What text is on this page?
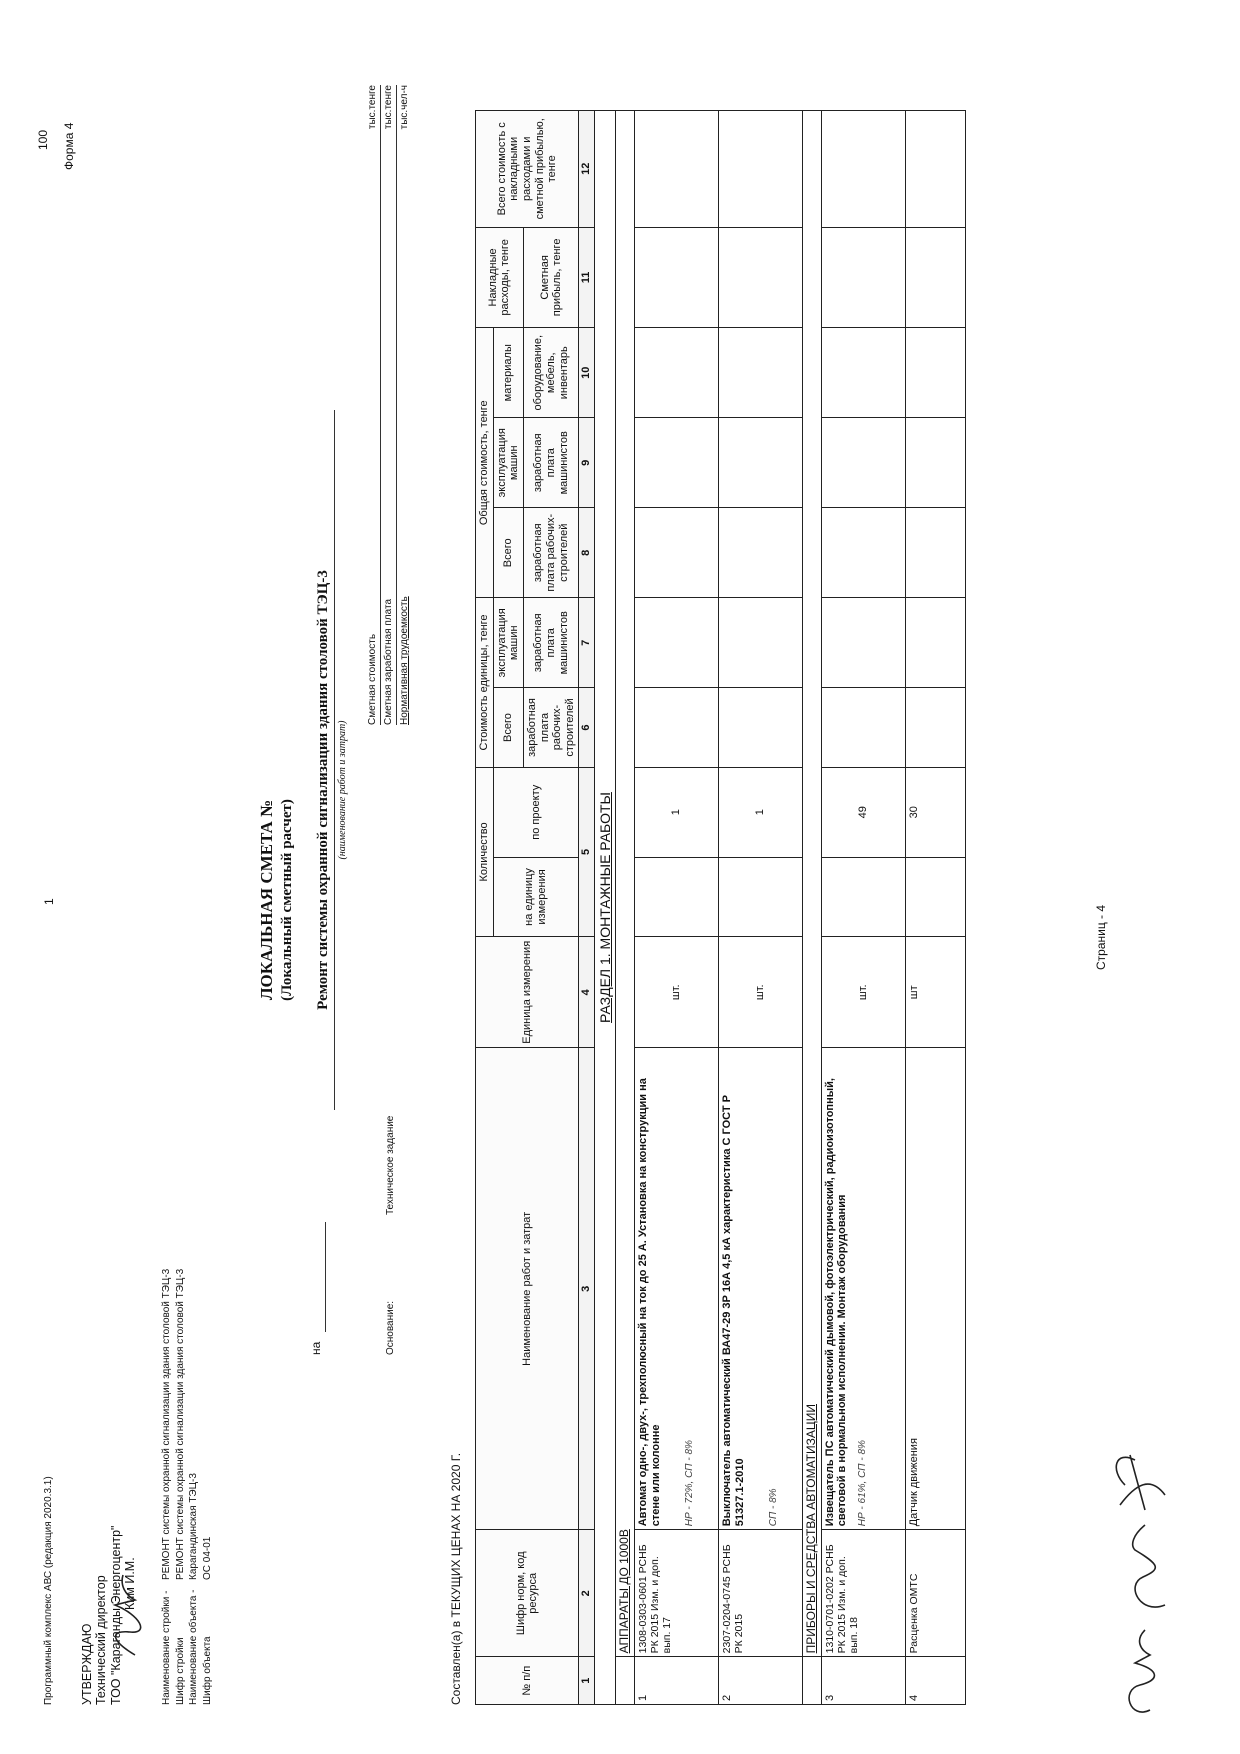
Программный комплекс АВС (редакция 2020.3.1)
1
100 Форма 4
УТВЕРЖДАЮ Технический директор ТОО "Караганды Энергоцентр" Ким И.М.
Наименование стройки -РЕМОНТ системы охранной сигнализации здания столовой ТЭЦ-3
Шифр стройкиРЕМОНТ системы охранной сигнализации здания столовой ТЭЦ-3
Наименование объекта -Карагандинская ТЭЦ-3
Шифр объектаОС 04-01
ЛОКАЛЬНАЯ СМЕТА № (Локальный сметный расчет)
на
Ремонт системы охранной сигнализации здания столовой ТЭЦ-3 (наименование работ и затрат)
Основание:
Техническое задание
Сметная стоимость
тыс.тенге
Сметная заработная плата
тыс.тенге
Нормативная трудоемкость
тыс.чел-ч
Составлен(а) в ТЕКУЩИХ ЦЕНАХ НА 2020 Г.	№ п/п	Шифр норм, код ресурса	Наименование работ и затрат	Единица измерения	Количество		Стоимость единицы, тенге		Общая стоимость, тенге			Накладные расходы, тенге	Всего стоимость с накладными расходами и сметной прибылью, тенге
				на единицу измерения	по проекту	Всего	эксплуатация машин	Всего	эксплуатация машин	материалы		
						заработная плата рабочих-строителей	заработная плата машинистов	заработная плата рабочих-строителей	заработная плата машинистов	оборудование, мебель, инвентарь	Сметная прибыль, тенге	
1	2	3	4	5		6	7	8	9	10	11	12
РАЗДЕЛ 1. МОНТАЖНЫЕ РАБОТЫ												
	АППАРАТЫ ДО 1000В											
1	1308-0303-0601 РСНБ РК 2015 Изм. и доп. вып. 17	Автомат одно-, двух-, трехполюсный на ток до 25 А. Установка на конструкции на стене или колонне НР - 72%, СП - 8%	шт.		1							
2	2307-0204-0745 РСНБ РК 2015	Выключатель автоматический ВА47-29 3Р 16А 4,5 кА характеристика С ГОСТ Р 51327.1-2010 СП - 8%	шт.		1							
	ПРИБОРЫ И СРЕДСТВА АВТОМАТИЗАЦИИ											
3	1310-0701-0202 РСНБ РК 2015 Изм. и доп. вып. 18	Извещатель ПС автоматический дымовой, фотоэлектрический, радиоизотопный, световой в нормальном исполнении. Монтаж оборудования НР - 61%, СП - 8%	шт.		49							
4	Расценка ОМТС	Датчик движения	шт		30							
Страниц - 4
